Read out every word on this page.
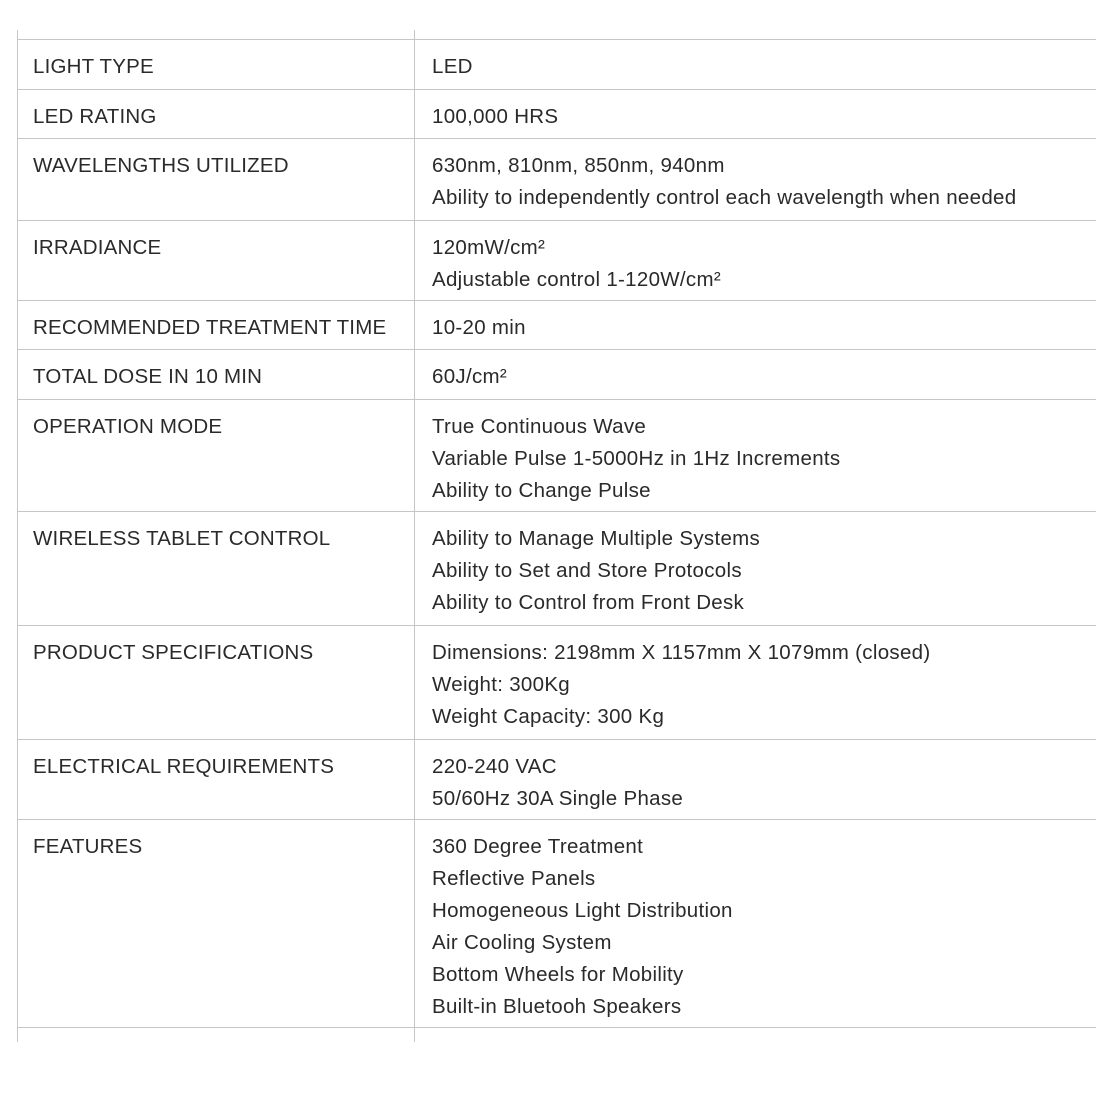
LIGHT TYPE	LED
LED RATING	100,000 HRS
WAVELENGTHS UTILIZED	630nm, 810nm, 850nm, 940nm
Ability to independently control each wavelength when needed
IRRADIANCE	120mW/cm²
Adjustable control 1-120W/cm²
RECOMMENDED TREATMENT TIME 10-20 min
TOTAL DOSE IN 10 MIN	60J/cm²
OPERATION MODE	True Continuous Wave
Variable Pulse 1-5000Hz in 1Hz Increments
Ability to Change Pulse
WIRELESS TABLET CONTROL	Ability to Manage Multiple Systems
Ability to Set and Store Protocols
Ability to Control from Front Desk
PRODUCT SPECIFICATIONS	Dimensions: 2198mm X 1157mm X 1079mm (closed)
Weight: 300Kg
Weight Capacity: 300 Kg
ELECTRICAL REQUIREMENTS	220-240 VAC
50/60Hz 30A Single Phase
FEATURES	360 Degree Treatment
Reflective Panels
Homogeneous Light Distribution
Air Cooling System
Bottom Wheels for Mobility
Built-in Bluetooh Speakers
